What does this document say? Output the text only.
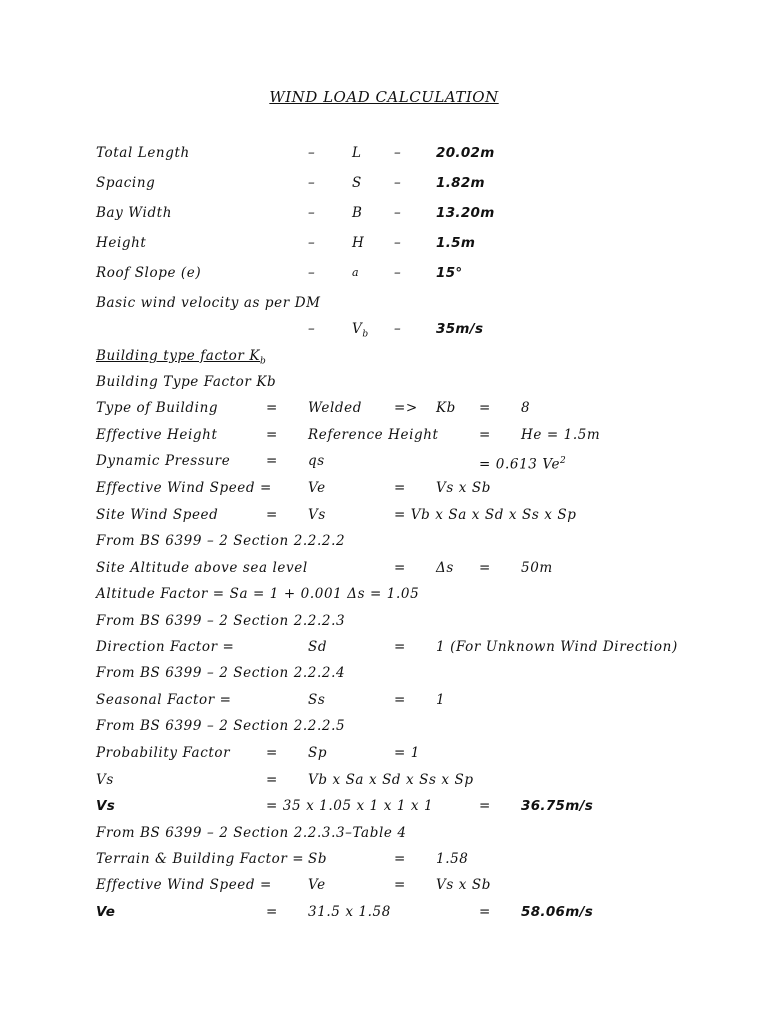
WIND LOAD CALCULATION
Total Length	–	L –	20.02m
Spacing	–	S –	1.82m
Bay Width	–	B –	13.20m
Height	–	H –	1.5m
Roof Slope (e)	–	a	–	15°
Basic wind velocity as per DM
–	$V_b$ –	35m/s
Building type factor $K_b$
Building Type Factor Kb
Type of Building	= Welded => Kb = 8
Effective Height	= Reference Height	= He = 1.5m
Dynamic Pressure	= qs	= 0.613 Ve$^2$
Effective Wind Speed =	Ve	= Vs x Sb
Site Wind Speed	= Vs	= Vb x Sa x Sd x Ss x Sp
From BS 6399 – 2 Section 2.2.2.2
Site Altitude above sea level	= Δs = 50m
Altitude Factor = Sa = 1 + 0.001 Δs = 1.05
From BS 6399 – 2 Section 2.2.2.3
Direction Factor =	Sd	= 1 (For Unknown Wind Direction)
From BS 6399 – 2 Section 2.2.2.4
Seasonal Factor =	Ss	= 1
From BS 6399 – 2 Section 2.2.2.5
Probability Factor	= Sp	= 1
Vs	= Vb x Sa x Sd x Ss x Sp
Vs	= 35 x 1.05 x 1 x 1 x 1	= 36.75m/s
From BS 6399 – 2 Section 2.2.3.3–Table 4
Terrain & Building Factor = Sb	= 1.58
Effective Wind Speed =	Ve	= Vs x Sb
Ve	= 31.5 x 1.58	= 58.06m/s
